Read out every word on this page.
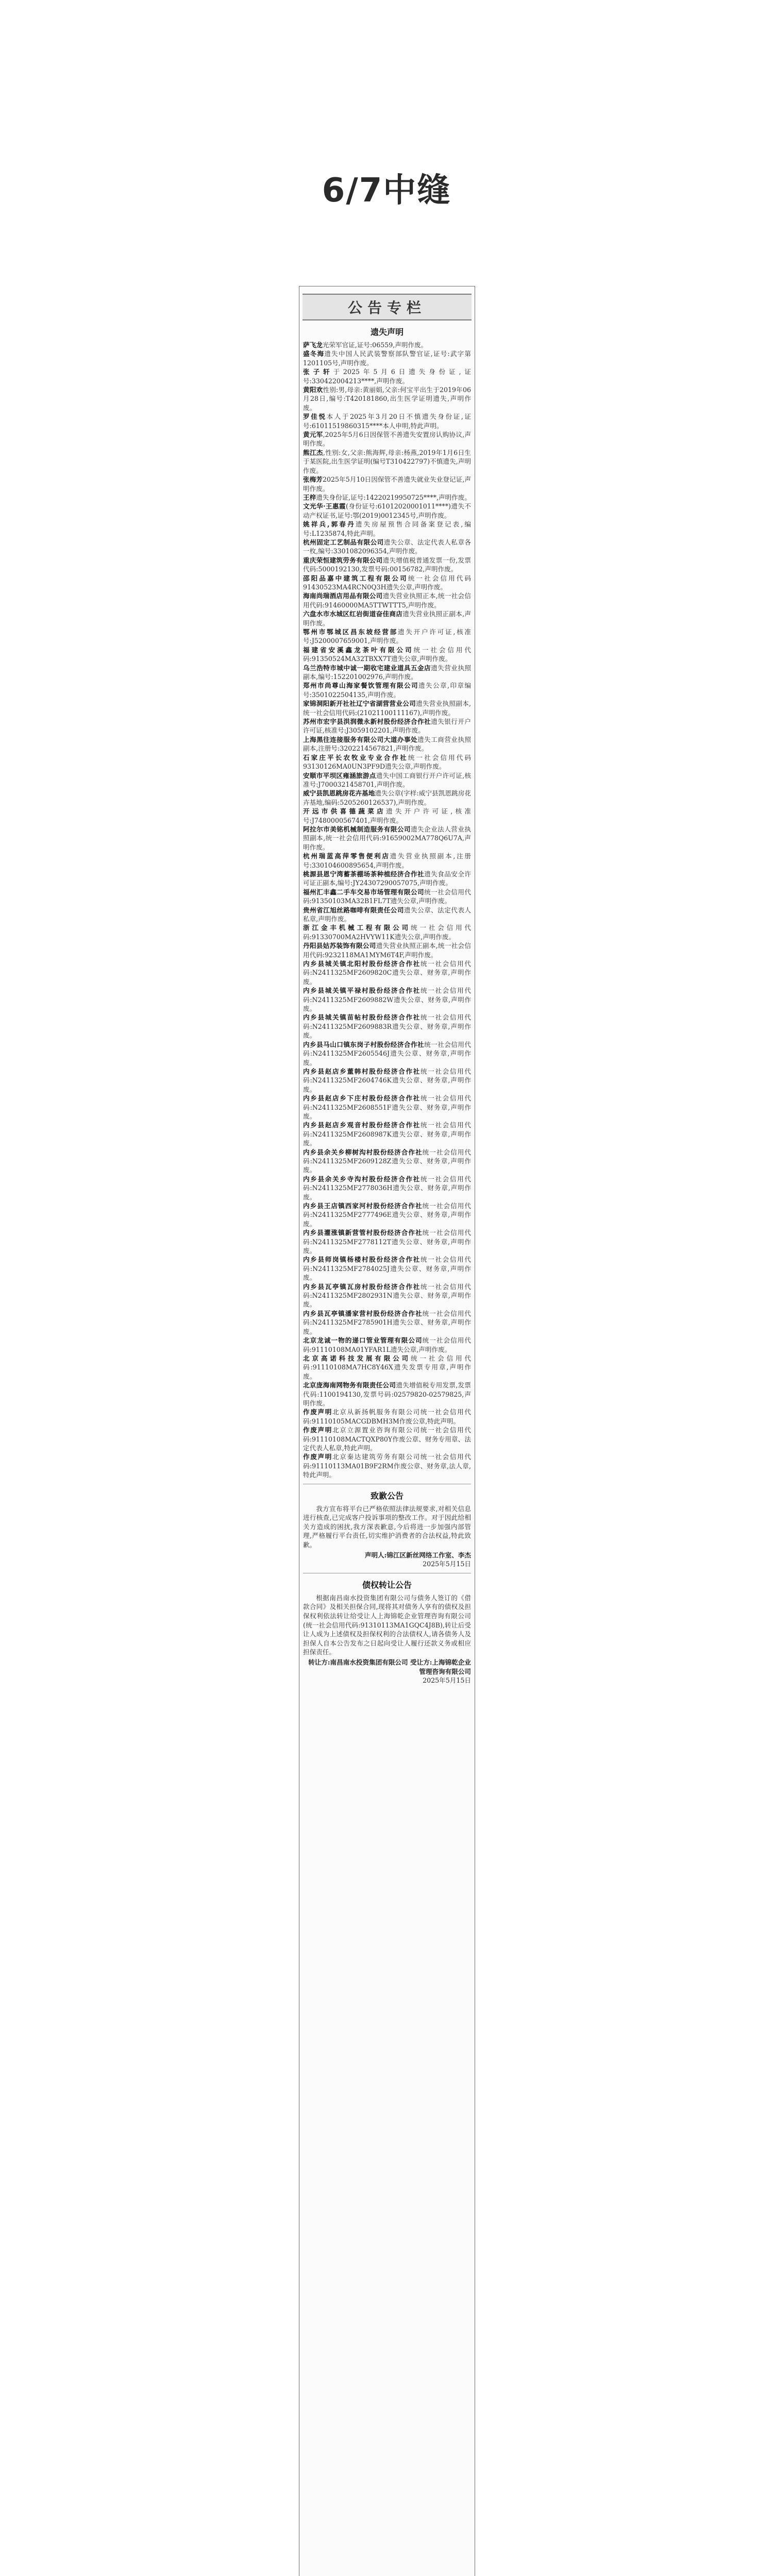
6/7中缝
公告专栏
遗失声明

萨飞龙光荣军官证,证号:06559,声明作废。

盛冬海遗失中国人民武装警察部队警官证,证号:武字第1201105号,声明作废。

张子轩于2025年5月6日遗失身份证,证号:330422004213****,声明作废。

黄阳欢性别:男,母亲:黄丽娟,父亲:何宝平出生于2019年06月28日,编号:T420181860,出生医学证明遗失,声明作废。

罗佳悦本人于2025年3月20日不慎遗失身份证,证号:61011519860315****本人申明,特此声明。

黄元军,2025年5月6日因保管不善遗失安置房认购协议,声明作废。

熊江杰,性别:女,父亲:熊海辉,母亲:杨燕,2019年1月6日生于某医院,出生医学证明(编号T310422797)不慎遗失,声明作废。

张梅芳2025年5月10日因保管不善遗失就业失业登记证,声明作废。

王梓遗失身份证,证号:14220219950725****,声明作废。

文光华·王惠霞(身份证号:61012020001011****)遗失不动产权证书,证号:鄂(2019)0012345号,声明作废。

姚祥兵,郭春丹遗失房屋预售合同备案登记表,编号:L1235874,特此声明。

杭州固定工艺制品有限公司遗失公章、法定代表人私章各一枚,编号:3301082096354,声明作废。

重庆荣恒建筑劳务有限公司遗失增值税普通发票一份,发票代码:5000192130,发票号码:00156782,声明作废。

邵阳品嘉中建筑工程有限公司统一社会信用代码91430523MA4RCN0Q3H遗失公章,声明作废。

海南尚瑞酒店用品有限公司遗失营业执照正本,统一社会信用代码:91460000MA5TTWTTT5,声明作废。

六盘水市水城区红岩街道奋佳商店遗失营业执照正副本,声明作废。

鄂州市鄂城区昌东坡经营部遗失开户许可证,核准号:J5200007659001,声明作废。

福建省安溪鑫龙茶叶有限公司统一社会信用代码:91350524MA32TBXX7T遗失公章,声明作废。

乌兰浩特市城中诚一期收宅建业道具五金店遗失营业执照副本,编号:152201002976,声明作废。

郑州市尚尊山海家餐饮管理有限公司遗失公章,印章编号:3501022504135,声明作废。

家锦洞阳新开社社辽宁省湖营营业公司遗失营业执照副本,统一社会信用代码:(21021100111167),声明作废。

苏州市宏宇县洪润微永新村股份经济合作社遗失银行开户许可证,核准号:J3059102201,声明作废。

上海黑往连接服务有限公司大道办事处遗失工商营业执照副本,注册号:3202214567821,声明作废。

石家庄平长农牧业专业合作社统一社会信用代码93130126MA0UN3PF9D遗失公章,声明作废。

安顺市平坝区雍涵旅游点遗失中国工商银行开户许可证,核准号:J7000321458701,声明作废。

威宁县凯恩跳房花卉基地遗失公章(字样:威宁县凯恩跳房花卉基地,编码:5205260126537),声明作废。

开远市供喜德蔬菜店遗失开户许可证,核准号:J7480000567401,声明作废。

阿拉尔市美铭机械制造服务有限公司遗失企业法人营业执照副本,统一社会信用代码:91659002MA778Q6U7A,声明作废。

杭州瑞蓝高萍零售便利店遗失营业执照副本,注册号:330104600895654,声明作废。

桃源县恩宁湾蓄茶棚场茶种植经济合作社遗失食品安全许可证正副本,编号:JY24307290057075,声明作废。

福州汇丰鑫二手车交易市场管理有限公司统一社会信用代码:91350103MA32B1FL7T遗失公章,声明作废。

贵州省江旭丝路咖啡有限责任公司遗失公章、法定代表人私章,声明作废。

浙江金丰机械工程有限公司统一社会信用代码:91330700MA2HVYW11K遗失公章,声明作废。

丹阳县姑苏装饰有限公司遗失营业执照正副本,统一社会信用代码:9232118MA1MYM6T4F,声明作废。

内乡县城关镇北阳村股份经济合作社统一社会信用代码:N2411325MF2609820C遗失公章、财务章,声明作废。

内乡县城关镇平禄村股份经济合作社统一社会信用代码:N2411325MF2609882W遗失公章、财务章,声明作废。

内乡县城关镇苗帖村股份经济合作社统一社会信用代码:N2411325MF2609883R遗失公章、财务章,声明作废。

内乡县马山口镇东岗子村股份经济合作社统一社会信用代码:N2411325MF2605546J遗失公章、财务章,声明作废。

内乡县赵店乡董韩村股份经济合作社统一社会信用代码:N2411325MF2604746K遗失公章、财务章,声明作废。

内乡县赵店乡下庄村股份经济合作社统一社会信用代码:N2411325MF2608551F遗失公章、财务章,声明作废。

内乡县赵店乡观音村股份经济合作社统一社会信用代码:N2411325MF2608987K遗失公章、财务章,声明作废。

内乡县余关乡柳树沟村股份经济合作社统一社会信用代码:N2411325MF2609128Z遗失公章、财务章,声明作废。

内乡县余关乡寺沟村股份经济合作社统一社会信用代码:N2411325MF2778036H遗失公章、财务章,声明作废。

内乡县王店镇西家河村股份经济合作社统一社会信用代码:N2411325MF2777496E遗失公章、财务章,声明作废。

内乡县灌涨镇新营管村股份经济合作社统一社会信用代码:N2411325MF2778112T遗失公章、财务章,声明作废。

内乡县师岗镇杨楼村股份经济合作社统一社会信用代码:N2411325MF2784025J遗失公章、财务章,声明作废。

内乡县瓦亭镇瓦房村股份经济合作社统一社会信用代码:N2411325MF2802931N遗失公章、财务章,声明作废。

内乡县瓦亭镇潘家营村股份经济合作社统一社会信用代码:N2411325MF2785901H遗失公章、财务章,声明作废。

北京龙诚一物的递口管业管理有限公司统一社会信用代码:91110108MA01YFAR1L遗失公章,声明作废。

北京高诺科技发展有限公司统一社会信用代码:91110108MA7HC8Y46X遗失发票专用章,声明作废。

北京庞海南网物务有限责任公司遗失增值税专用发票,发票代码:1100194130,发票号码:02579820-02579825,声明作废。

作废声明北京从新扬帆服务有限公司统一社会信用代码:91110105MACGDBMH3M作废公章,特此声明。

作废声明北京立源置业咨询有限公司统一社会信用代码:91110108MACTQXP80Y作废公章、财务专用章、法定代表人私章,特此声明。

作废声明北京秦达建筑劳务有限公司统一社会信用代码:91110113MA01B9F2RM作废公章、财务章,法人章,特此声明。

致歉公告

我方宣布将平台已严格依照法律法规要求,对相关信息进行核查,已完成客户投诉事项的整改工作。对于因此给相关方造成的困扰,我方深表歉意,今后将进一步加强内部管理,严格履行平台责任,切实维护消费者的合法权益,特此致歉。

声明人:锦江区新丝网络工作室、李杰

2025年5月15日

债权转让公告

根据南昌南水投资集团有限公司与债务人签订的《借款合同》及相关担保合同,现将其对债务人享有的债权及担保权利依法转让给受让人上海锦乾企业管理咨询有限公司(统一社会信用代码:91310113MA1GQC4J8B),转让后受让人成为上述债权及担保权利的合法债权人,请各债务人及担保人自本公告发布之日起向受让人履行还款义务或相应担保责任。

转让方:南昌南水投资集团有限公司 受让方:上海锦乾企业管理咨询有限公司

2025年5月15日
